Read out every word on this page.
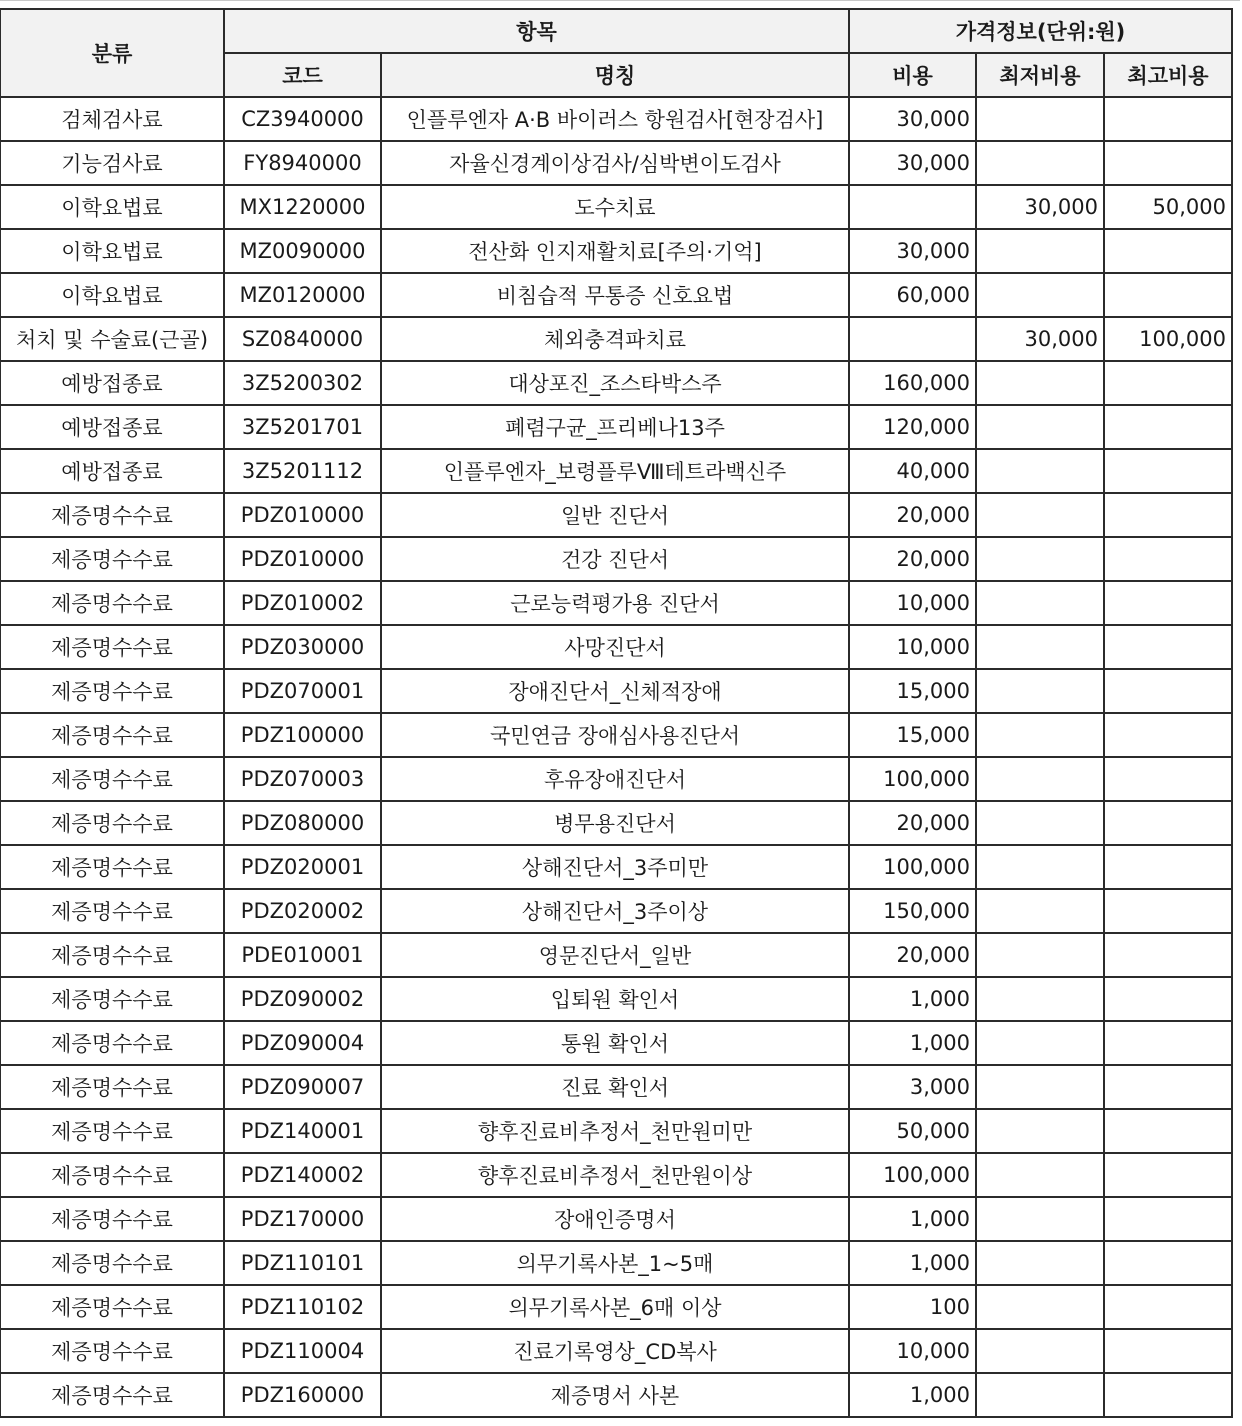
분류	항목		가격정보(단위:원)		
	코드	명칭	비용	최저비용	최고비용
검체검사료	CZ3940000	인플루엔자 A·B 바이러스 항원검사[현장검사]	30,000		
기능검사료	FY8940000	자율신경계이상검사/심박변이도검사	30,000		
이학요법료	MX1220000	도수치료		30,000	50,000
이학요법료	MZ0090000	전산화 인지재활치료[주의·기억]	30,000		
이학요법료	MZ0120000	비침습적 무통증 신호요법	60,000		
처치 및 수술료(근골)	SZ0840000	체외충격파치료		30,000	100,000
예방접종료	3Z5200302	대상포진_조스타박스주	160,000		
예방접종료	3Z5201701	폐렴구균_프리베나13주	120,000		
예방접종료	3Z5201112	인플루엔자_보령플루Ⅷ테트라백신주	40,000		
제증명수수료	PDZ010000	일반 진단서	20,000		
제증명수수료	PDZ010000	건강 진단서	20,000		
제증명수수료	PDZ010002	근로능력평가용 진단서	10,000		
제증명수수료	PDZ030000	사망진단서	10,000		
제증명수수료	PDZ070001	장애진단서_신체적장애	15,000		
제증명수수료	PDZ100000	국민연금 장애심사용진단서	15,000		
제증명수수료	PDZ070003	후유장애진단서	100,000		
제증명수수료	PDZ080000	병무용진단서	20,000		
제증명수수료	PDZ020001	상해진단서_3주미만	100,000		
제증명수수료	PDZ020002	상해진단서_3주이상	150,000		
제증명수수료	PDE010001	영문진단서_일반	20,000		
제증명수수료	PDZ090002	입퇴원 확인서	1,000		
제증명수수료	PDZ090004	통원 확인서	1,000		
제증명수수료	PDZ090007	진료 확인서	3,000		
제증명수수료	PDZ140001	향후진료비추정서_천만원미만	50,000		
제증명수수료	PDZ140002	향후진료비추정서_천만원이상	100,000		
제증명수수료	PDZ170000	장애인증명서	1,000		
제증명수수료	PDZ110101	의무기록사본_1~5매	1,000		
제증명수수료	PDZ110102	의무기록사본_6매 이상	100		
제증명수수료	PDZ110004	진료기록영상_CD복사	10,000		
제증명수수료	PDZ160000	제증명서 사본	1,000		
